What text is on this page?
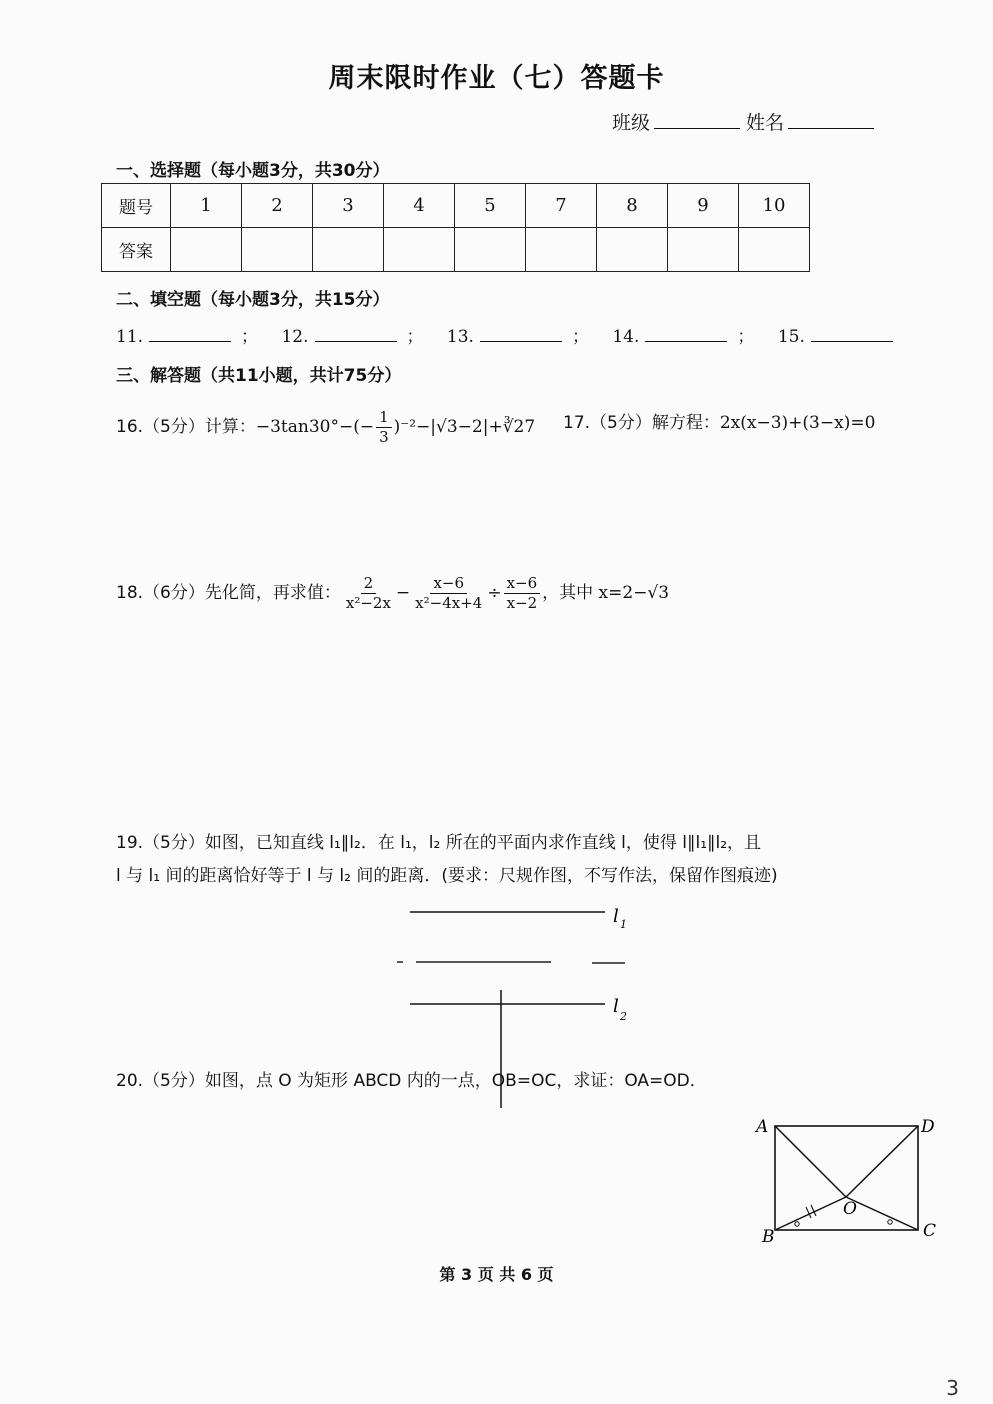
周末限时作业（七）答题卡
班级	姓名
一、选择题（每小题3分，共30分）
题号	1	2	3	4	5	7	8	9	10
答案									
二、填空题（每小题3分，共15分）
11.	； 12.	； 13.	； 14.	； 15.
三、解答题（共11小题，共计75分）
16.（5分）计算：$-3\tan 30^\circ-(- \frac{1}{3}$ )⁻²−|√3−2|+∛27 17.（5分）解方程：2x(x−3)+(3−x)=0
18.（6分）先化简，再求值： $\frac{2}{\text{x²−2x}} - \frac{x-6}{\text{x²−4x+4}} \div \frac{x-6}{x-2}$ ，其中 x=2−√3
19.（5分）如图，已知直线 l₁∥l₂．在 l₁，l₂ 所在的平面内求作直线 l，使得 l∥l₁∥l₂，且
l 与 l₁ 间的距离恰好等于 l 与 l₂ 间的距离．(要求：尺规作图，不写作法，保留作图痕迹)
l 1
l 2
A	D
B	C
O
20.（5分）如图，点 O 为矩形 ABCD 内的一点，OB=OC，求证：OA=OD．
第 3 页 共 6 页
3
